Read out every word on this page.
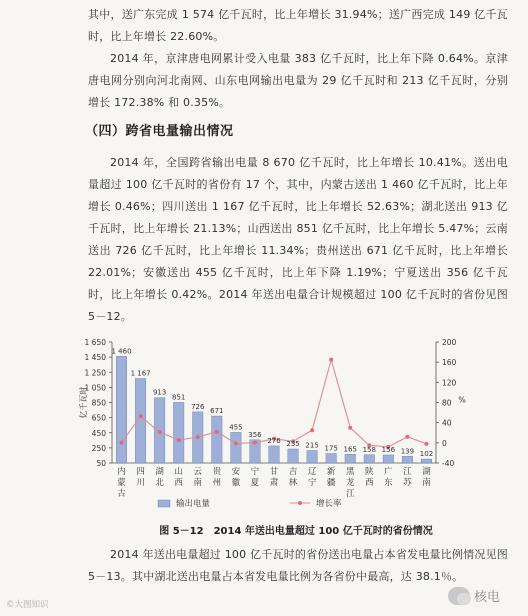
其中，送广东完成 1 574 亿千瓦时，比上年增长 31.94%；送广西完成 149 亿千瓦时，比上年增长 22.60%。
2014 年，京津唐电网累计受入电量 383 亿千瓦时，比上年下降 0.64%。京津唐电网分别向河北南网、山东电网输出电量为 29 亿千瓦时和 213 亿千瓦时，分别增长 172.38% 和 0.35%。
（四）跨省电量输出情况
2014 年，全国跨省输出电量 8 670 亿千瓦时，比上年增长 10.41%。送出电量超过 100 亿千瓦时的省份有 17 个，其中，内蒙古送出 1 460 亿千瓦时，比上年增长 0.46%；四川送出 1 167 亿千瓦时，比上年增长 52.63%；湖北送出 913 亿千瓦时，比上年增长 21.13%；山西送出 851 亿千瓦时，比上年增长 5.47%；云南送出 726 亿千瓦时，比上年增长 11.34%；贵州送出 671 亿千瓦时，比上年增长 22.01%；安徽送出 455 亿千瓦时，比上年下降 1.19%；宁夏送出 356 亿千瓦时，比上年增长 0.42%。2014 年送出电量合计规模超过 100 亿千瓦时的省份见图 5－12。
50
250
450
650
850
1 050
1 250
1 450
1 650
-40
0
40
80
120
160
200
亿千瓦时	%
1 460
1 167
913
851
726
671
455
356
276 235 215 175 165 158 156 139 102
内蒙古
四川
湖北
山西
云南
贵州
安徽
宁夏
甘肃
吉林
辽宁
新疆
黑龙江
陕西
广东
江苏
湖南
输出电量	增长率
图 5－12　2014 年送出电量超过 100 亿千瓦时的省份情况
2014 年送出电量超过 100 亿千瓦时的省份送出电量占本省发电量比例情况见图 5－13。其中湖北送出电量占本省发电量比例为各省份中最高，达 38.1％。
©大图知识	核电
